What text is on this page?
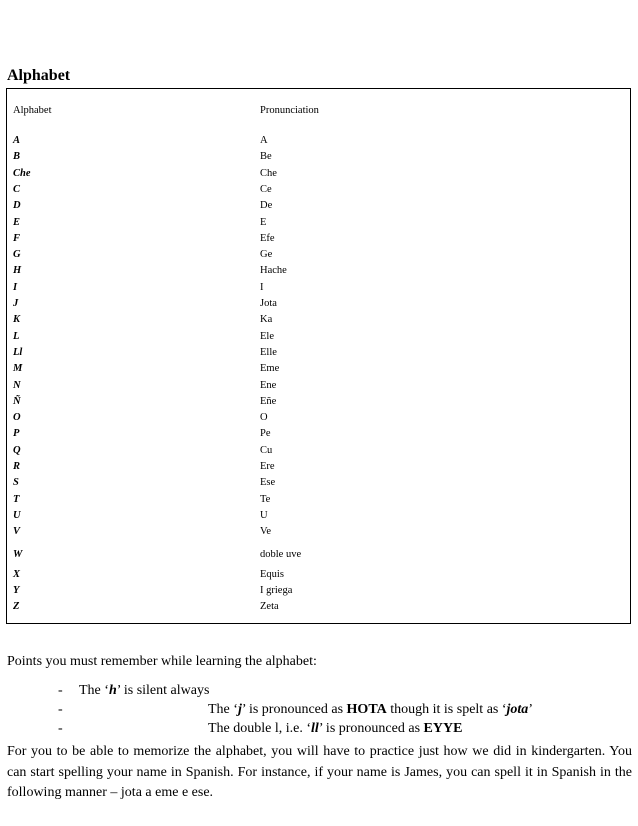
Alphabet
Alphabet	Pronunciation
A	A
B	Be
Che	Che
C	Ce
D	De
E	E
F	Efe
G	Ge
H	Hache
I	I
J	Jota
K	Ka
L	Ele
Ll	Elle
M	Eme
N	Ene
Ñ	Eñe
O	O
P	Pe
Q	Cu
R	Ere
S	Ese
T	Te
U	U
V	Ve
W	doble uve
X	Equis
Y	I griega
Z	Zeta
Points you must remember while learning the alphabet:
- The ‘h’ is silent always
-	The ‘j’ is pronounced as HOTA though it is spelt as ‘jota’
-	The double l, i.e. ‘ll’ is pronounced as EYYE
For you to be able to memorize the alphabet, you will have to practice just how we did in kindergarten. You can start spelling your name in Spanish. For instance, if your name is James, you can spell it in Spanish in the following manner – jota a eme e ese.
